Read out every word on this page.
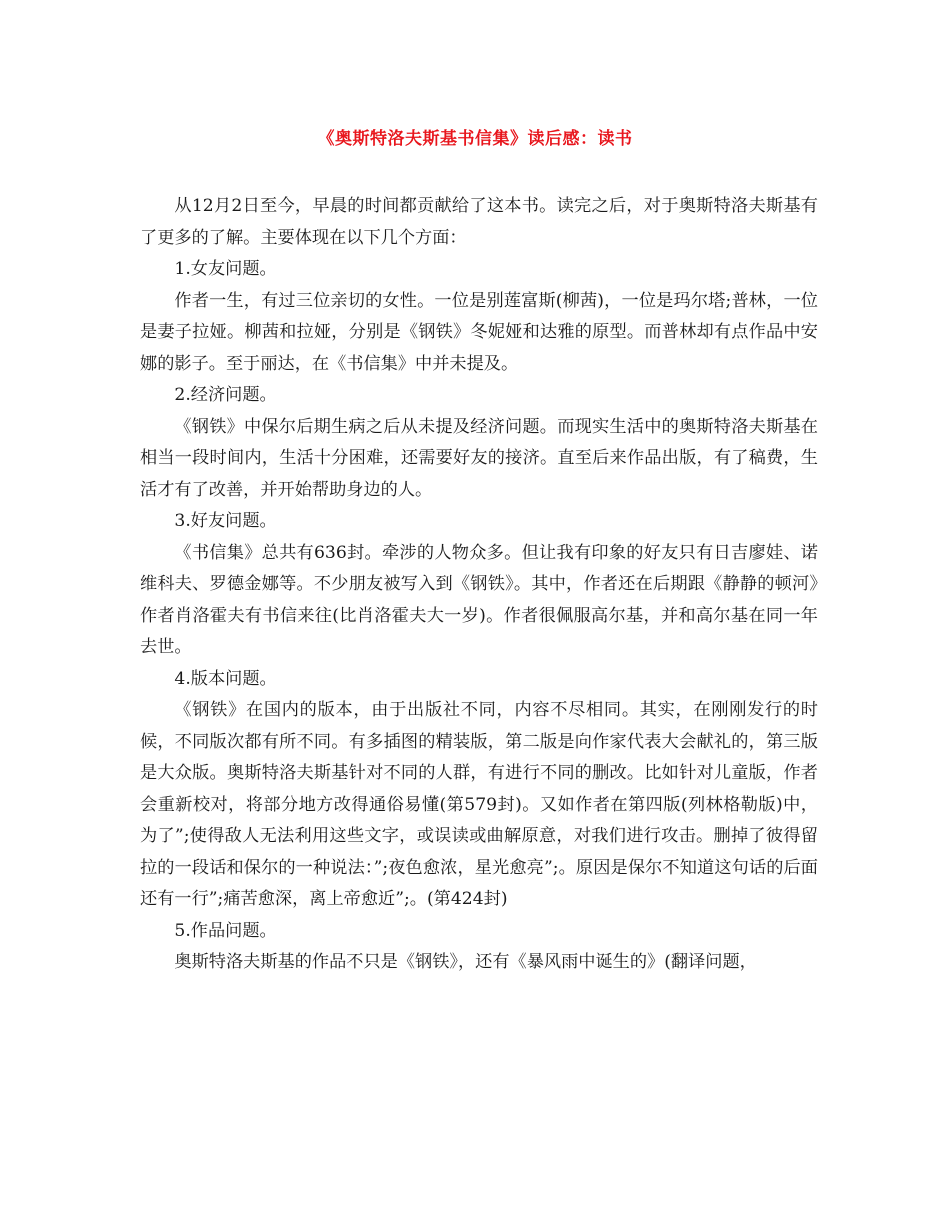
《奥斯特洛夫斯基书信集》读后感：读书

从12月2日至今，早晨的时间都贡献给了这本书。读完之后，对于奥斯特洛夫斯基有了更多的了解。主要体现在以下几个方面：

1.女友问题。

作者一生，有过三位亲切的女性。一位是别莲富斯(柳茜)，一位是玛尔塔;普林，一位是妻子拉娅。柳茜和拉娅，分别是《钢铁》冬妮娅和达雅的原型。而普林却有点作品中安娜的影子。至于丽达，在《书信集》中并未提及。

2.经济问题。

《钢铁》中保尔后期生病之后从未提及经济问题。而现实生活中的奥斯特洛夫斯基在相当一段时间内，生活十分困难，还需要好友的接济。直至后来作品出版，有了稿费，生活才有了改善，并开始帮助身边的人。

3.好友问题。

《书信集》总共有636封。牵涉的人物众多。但让我有印象的好友只有日吉廖娃、诺维科夫、罗德金娜等。不少朋友被写入到《钢铁》。其中，作者还在后期跟《静静的顿河》作者肖洛霍夫有书信来往(比肖洛霍夫大一岁)。作者很佩服高尔基，并和高尔基在同一年去世。

4.版本问题。

《钢铁》在国内的版本，由于出版社不同，内容不尽相同。其实，在刚刚发行的时候，不同版次都有所不同。有多插图的精装版，第二版是向作家代表大会献礼的，第三版是大众版。奥斯特洛夫斯基针对不同的人群，有进行不同的删改。比如针对儿童版，作者会重新校对，将部分地方改得通俗易懂(第579封)。又如作者在第四版(列林格勒版)中，为了”;使得敌人无法利用这些文字，或误读或曲解原意，对我们进行攻击。删掉了彼得留拉的一段话和保尔的一种说法：”;夜色愈浓，星光愈亮”;。原因是保尔不知道这句话的后面还有一行”;痛苦愈深，离上帝愈近”;。(第424封)

5.作品问题。

奥斯特洛夫斯基的作品不只是《钢铁》，还有《暴风雨中诞生的》(翻译问题，
